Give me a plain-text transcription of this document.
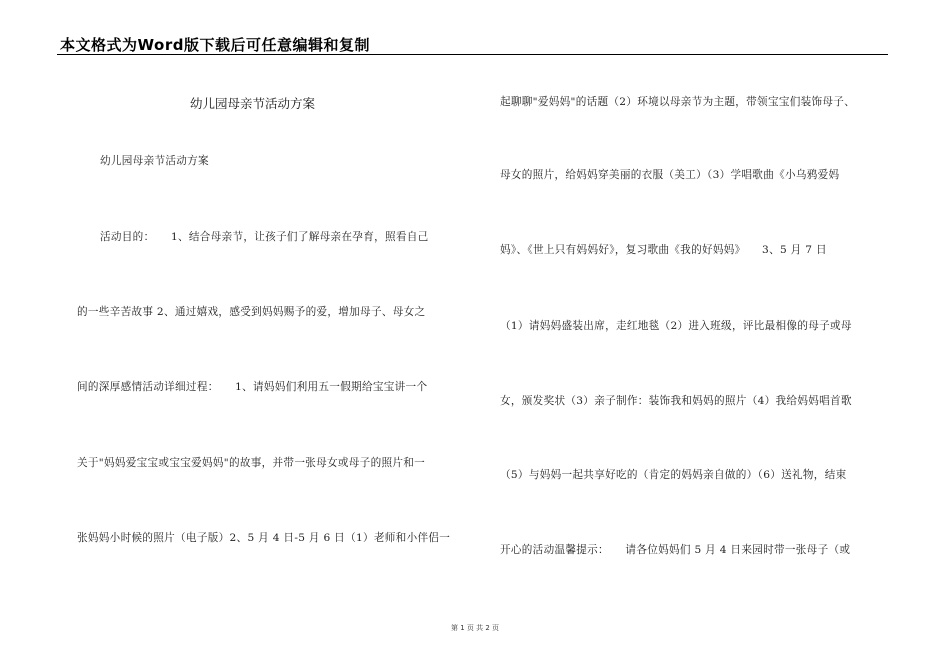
本文格式为Word版下载后可任意编辑和复制
幼儿园母亲节活动方案
幼儿园母亲节活动方案
活动目的：　　1、结合母亲节，让孩子们了解母亲在孕育，照看自己
的一些辛苦故事 2、通过嬉戏，感受到妈妈赐予的爱，增加母子、母女之
间的深厚感情活动详细过程：　　1、请妈妈们利用五一假期给宝宝讲一个
关于"妈妈爱宝宝或宝宝爱妈妈"的故事，并带一张母女或母子的照片和一
张妈妈小时候的照片（电子版）2、5 月 4 日-5 月 6 日（1）老师和小伴侣一
起聊聊"爱妈妈"的话题（2）环境以母亲节为主题，带领宝宝们装饰母子、
母女的照片，给妈妈穿美丽的衣服（美工）（3）学唱歌曲《小乌鸦爱妈
妈》、《世上只有妈妈好》，复习歌曲《我的好妈妈》　　3、5 月 7 日
（1）请妈妈盛装出席，走红地毯（2）进入班级，评比最相像的母子或母
女，颁发奖状（3）亲子制作：装饰我和妈妈的照片（4）我给妈妈唱首歌
（5）与妈妈一起共享好吃的（肯定的妈妈亲自做的）（6）送礼物，结束
开心的活动温馨提示：　　请各位妈妈们 5 月 4 日来园时带一张母子（或
第 1 页 共 2 页
